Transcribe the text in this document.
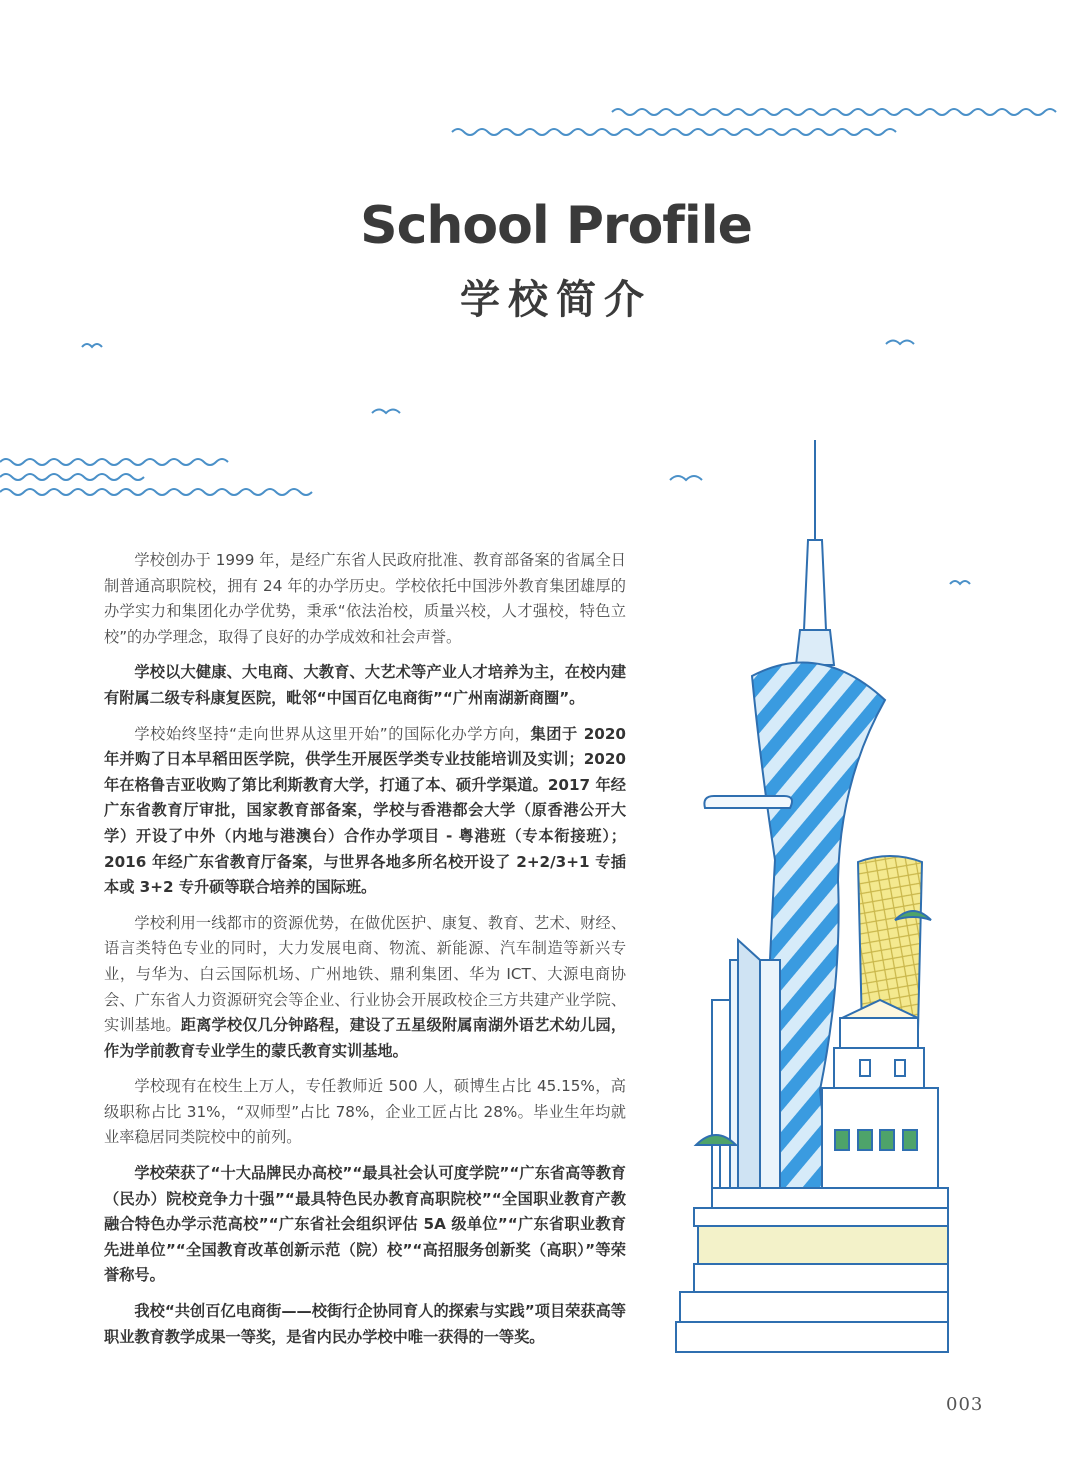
School Profile
学校简介

学校创办于 1999 年，是经广东省人民政府批准、教育部备案的省属全日制普通高职院校，拥有 24 年的办学历史。学校依托中国涉外教育集团雄厚的办学实力和集团化办学优势，秉承“依法治校，质量兴校，人才强校，特色立校”的办学理念，取得了良好的办学成效和社会声誉。

学校以大健康、大电商、大教育、大艺术等产业人才培养为主，在校内建有附属二级专科康复医院，毗邻“中国百亿电商街”“广州南湖新商圈”。

学校始终坚持“走向世界从这里开始”的国际化办学方向，集团于 2020 年并购了日本早稻田医学院，供学生开展医学类专业技能培训及实训；2020 年在格鲁吉亚收购了第比利斯教育大学，打通了本、硕升学渠道。2017 年经广东省教育厅审批，国家教育部备案，学校与香港都会大学（原香港公开大学）开设了中外（内地与港澳台）合作办学项目 - 粤港班（专本衔接班）；2016 年经广东省教育厅备案，与世界各地多所名校开设了 2+2/3+1 专插本或 3+2 专升硕等联合培养的国际班。

学校利用一线都市的资源优势，在做优医护、康复、教育、艺术、财经、语言类特色专业的同时，大力发展电商、物流、新能源、汽车制造等新兴专业，与华为、白云国际机场、广州地铁、鼎利集团、华为 ICT、大源电商协会、广东省人力资源研究会等企业、行业协会开展政校企三方共建产业学院、实训基地。距离学校仅几分钟路程，建设了五星级附属南湖外语艺术幼儿园，作为学前教育专业学生的蒙氏教育实训基地。

学校现有在校生上万人，专任教师近 500 人，硕博生占比 45.15%，高级职称占比 31%，“双师型”占比 78%，企业工匠占比 28%。毕业生年均就业率稳居同类院校中的前列。

学校荣获了“十大品牌民办高校”“最具社会认可度学院”“广东省高等教育（民办）院校竞争力十强”“最具特色民办教育高职院校”“全国职业教育产教融合特色办学示范高校”“广东省社会组织评估 5A 级单位”“广东省职业教育先进单位”“全国教育改革创新示范（院）校”“高招服务创新奖（高职）”等荣誉称号。

我校“共创百亿电商街——校街行企协同育人的探索与实践”项目荣获高等职业教育教学成果一等奖，是省内民办学校中唯一获得的一等奖。

003
